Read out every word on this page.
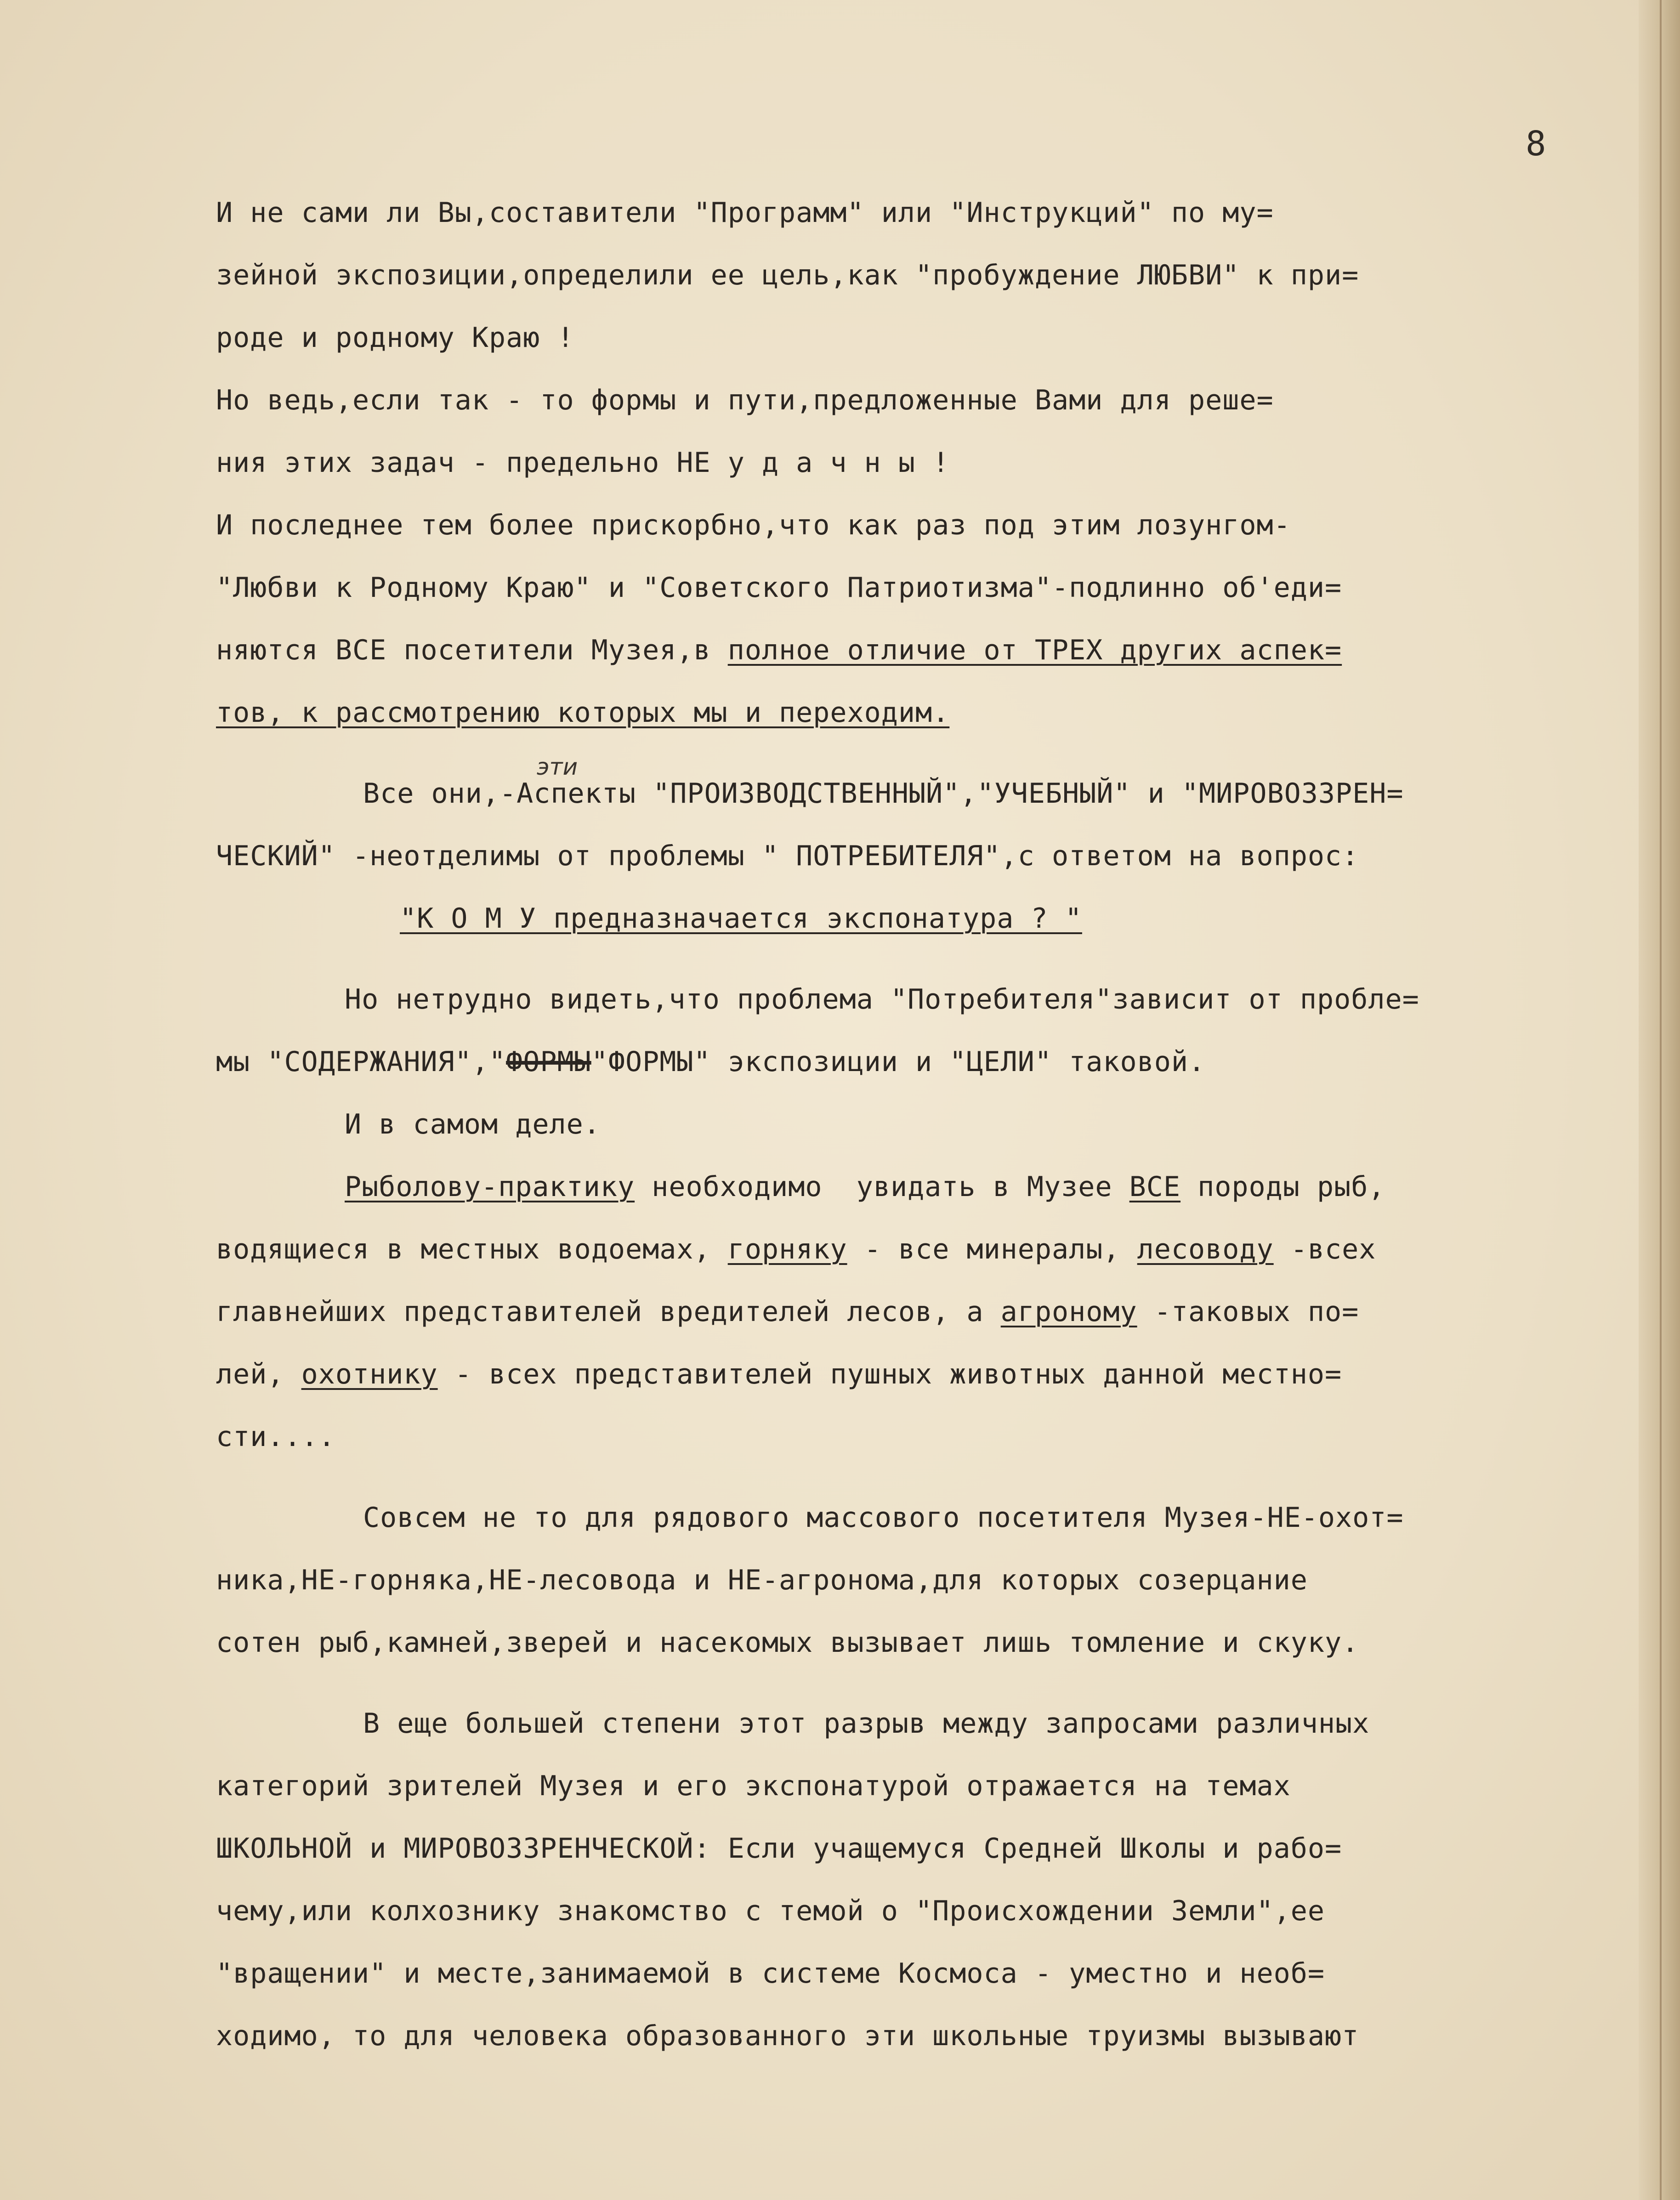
8
эти
И не сами ли Вы,составители "Программ" или "Инструкций" по му=
зейной экспозиции,определили ее цель,как "пробуждение ЛЮБВИ" к при=
роде и родному Краю !
Но ведь,если так - то формы и пути,предложенные Вами для реше=
ния этих задач - предельно НЕ у д а ч н ы !
И последнее тем более прискорбно,что как раз под этим лозунгом-
"Любви к Родному Краю" и "Советского Патриотизма"-подлинно об'еди=
няются ВСЕ посетители Музея,в полное отличие от ТРЕХ других аспек=
тов, к рассмотрению которых мы и переходим.
Все они,-Аспекты "ПРОИЗВОДСТВЕННЫЙ","УЧЕБНЫЙ" и "МИРОВОЗЗРЕН=
ЧЕСКИЙ" -неотделимы от проблемы " ПОТРЕБИТЕЛЯ",с ответом на вопрос:
"К О М У предназначается экспонатура ? "
Но нетрудно видеть,что проблема "Потребителя"зависит от пробле=
мы "СОДЕРЖАНИЯ","ФОРМЫ"ФОРМЫ" экспозиции и "ЦЕЛИ" таковой.
И в самом деле.
Рыболову-практику необходимо  увидать в Музее ВСЕ породы рыб,
водящиеся в местных водоемах, горняку - все минералы, лесоводу -всех
главнейших представителей вредителей лесов, а агроному -таковых по=
лей, охотнику - всех представителей пушных животных данной местно=
сти....
Совсем не то для рядового массового посетителя Музея-НЕ-охот=
ника,НЕ-горняка,НЕ-лесовода и НЕ-агронома,для которых созерцание
сотен рыб,камней,зверей и насекомых вызывает лишь томление и скуку.
В еще большей степени этот разрыв между запросами различных
категорий зрителей Музея и его экспонатурой отражается на темах
ШКОЛЬНОЙ и МИРОВОЗЗРЕНЧЕСКОЙ: Если учащемуся Средней Школы и рабо=
чему,или колхознику знакомство с темой о "Происхождении Земли",ее
"вращении" и месте,занимаемой в системе Космоса - уместно и необ=
ходимо, то для человека образованного эти школьные труизмы вызывают
